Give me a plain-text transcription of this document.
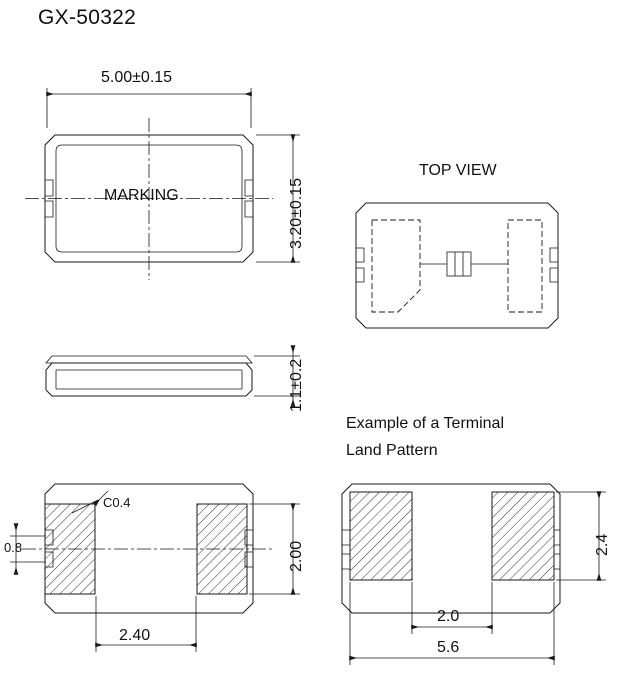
GX-50322
5.00±0.15
3.20±0.15
MARKING
1.1±0.2
C0.4
0.8	2.00
2.40
TOP VIEW
Example of a Terminal
Land Pattern
2.4
2.0
5.6
